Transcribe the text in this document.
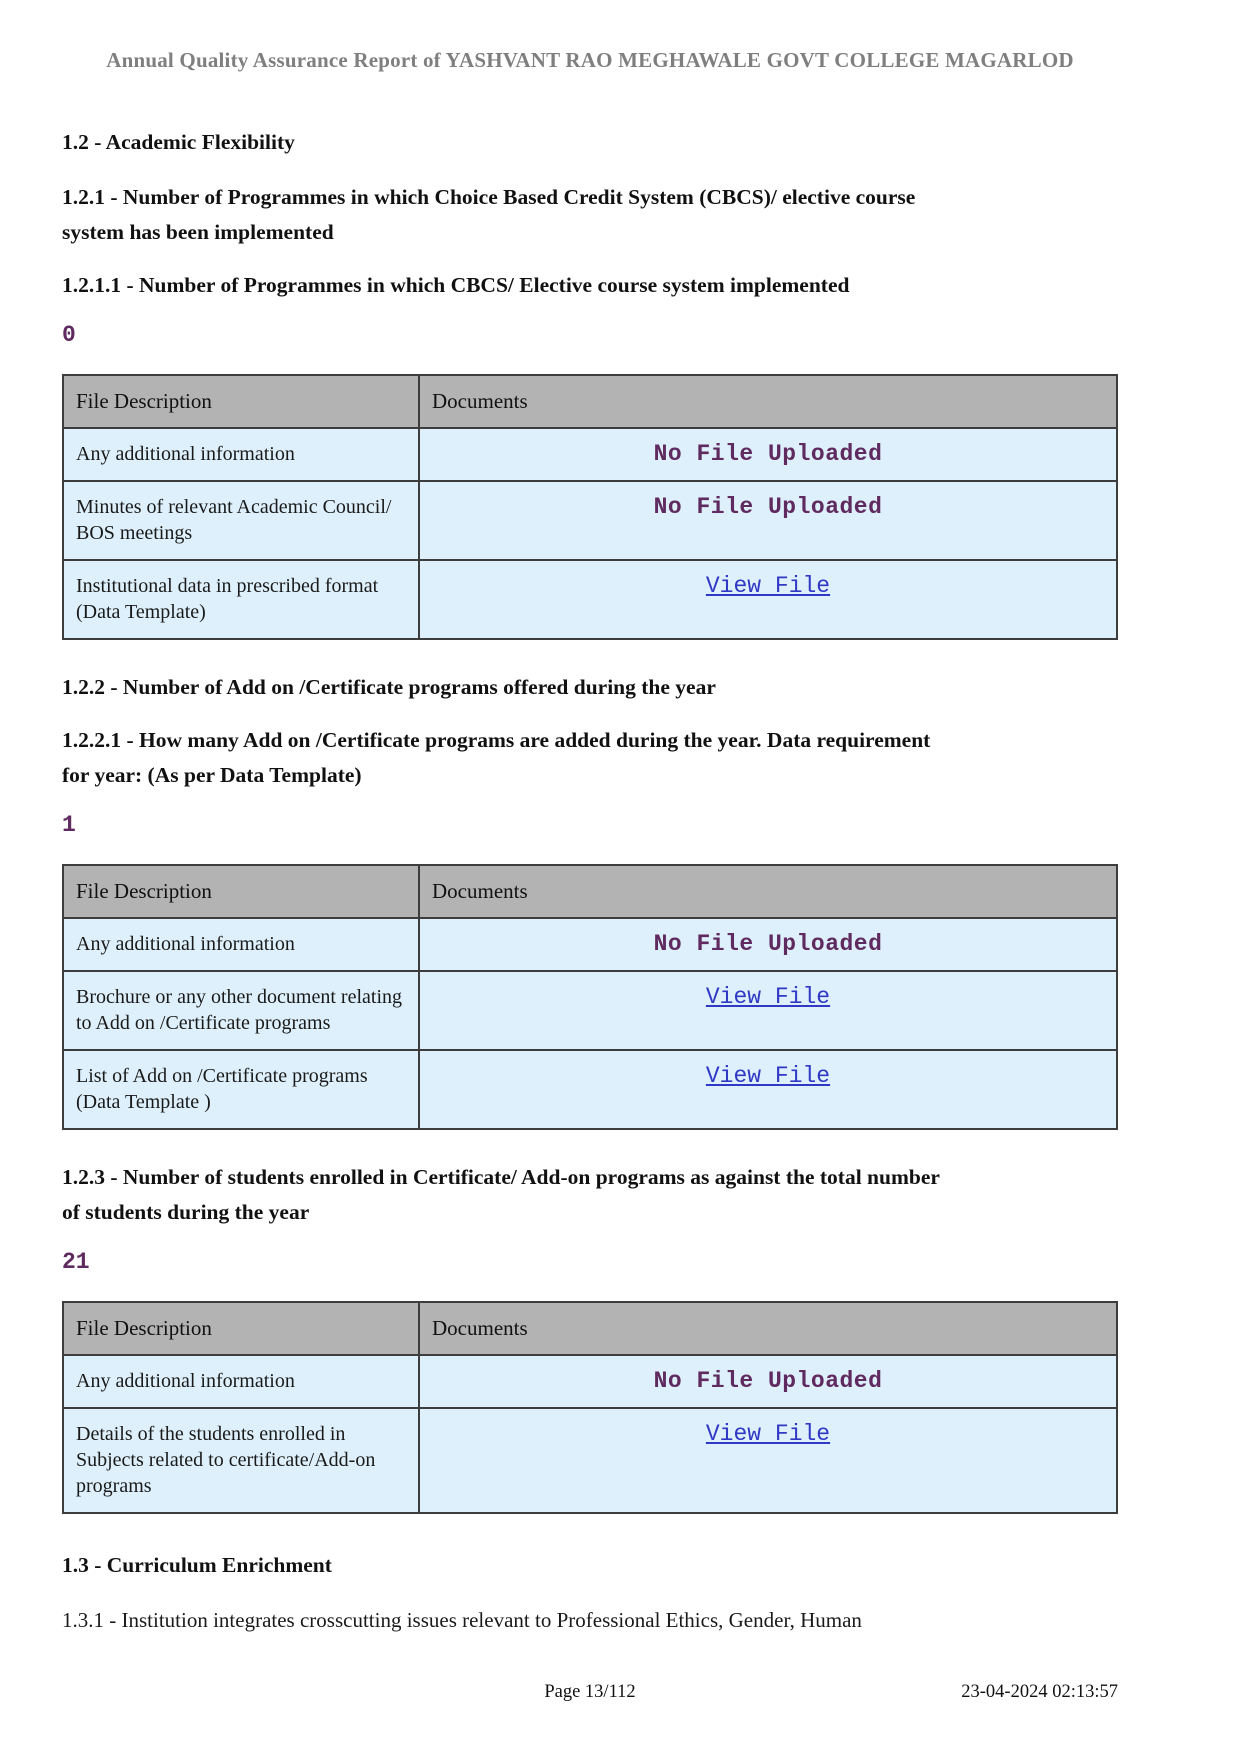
Annual Quality Assurance Report of YASHVANT RAO MEGHAWALE GOVT COLLEGE MAGARLOD
1.2 - Academic Flexibility
1.2.1 - Number of Programmes in which Choice Based Credit System (CBCS)/ elective course system has been implemented
1.2.1.1 - Number of Programmes in which CBCS/ Elective course system implemented
0
File Description	Documents
Any additional information	No File Uploaded
Minutes of relevant Academic Council/ BOS meetings	No File Uploaded
Institutional data in prescribed format (Data Template)	View File
1.2.2 - Number of Add on /Certificate programs offered during the year
1.2.2.1 - How many Add on /Certificate programs are added during the year. Data requirement for year: (As per Data Template)
1
File Description	Documents
Any additional information	No File Uploaded
Brochure or any other document relating to Add on /Certificate programs	View File
List of Add on /Certificate programs (Data Template )	View File
1.2.3 - Number of students enrolled in Certificate/ Add-on programs as against the total number of students during the year
21
File Description	Documents
Any additional information	No File Uploaded
Details of the students enrolled in Subjects related to certificate/Add-on programs	View File
1.3 - Curriculum Enrichment
1.3.1 - Institution integrates crosscutting issues relevant to Professional Ethics, Gender, Human
Page 13/112	23-04-2024 02:13:57
